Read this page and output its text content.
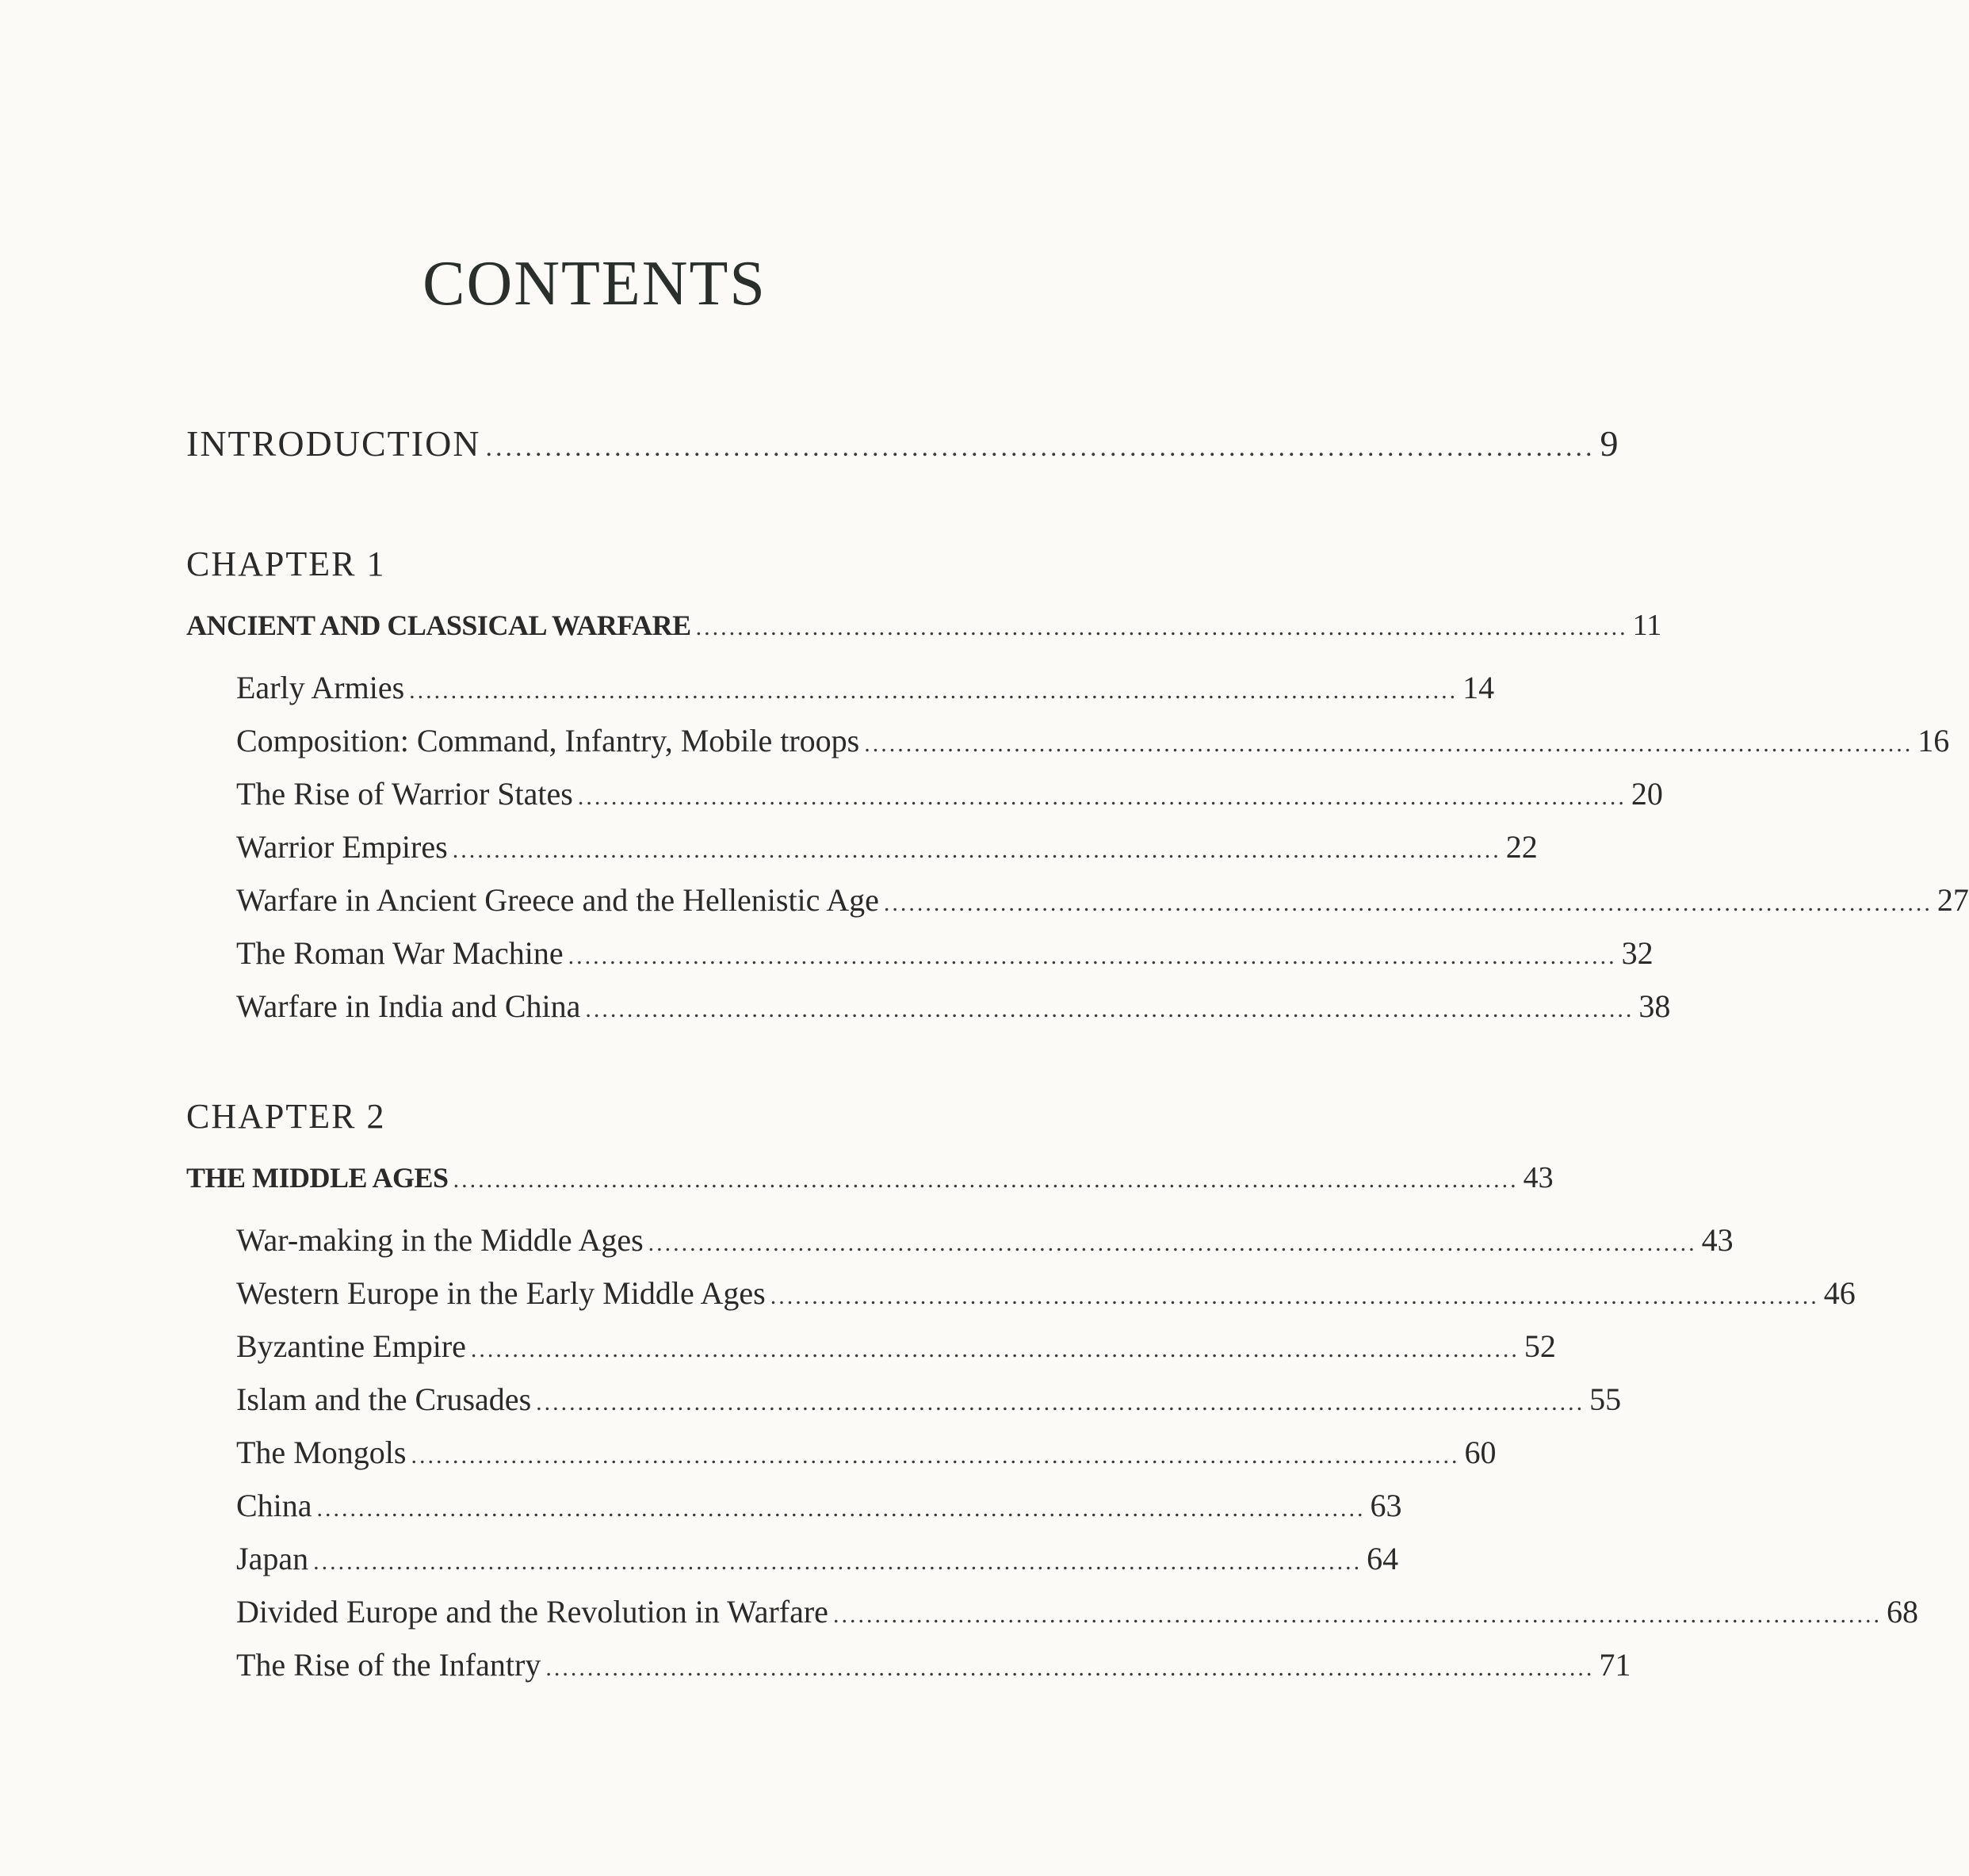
CONTENTS
INTRODUCTION ................................................................................................................ 9
CHAPTER 1
ANCIENT AND CLASSICAL WARFARE ................................................................................................................ 11
Early Armies .............................................................................................................................. 14
Composition: Command, Infantry, Mobile troops .............................................................................................................................. 16
The Rise of Warrior States .............................................................................................................................. 20
Warrior Empires .............................................................................................................................. 22
Warfare in Ancient Greece and the Hellenistic Age .............................................................................................................................. 27
The Roman War Machine .............................................................................................................................. 32
Warfare in India and China .............................................................................................................................. 38
CHAPTER 2
THE MIDDLE AGES ................................................................................................................................ 43
War-making in the Middle Ages .............................................................................................................................. 43
Western Europe in the Early Middle Ages .............................................................................................................................. 46
Byzantine Empire .............................................................................................................................. 52
Islam and the Crusades .............................................................................................................................. 55
The Mongols .............................................................................................................................. 60
China .............................................................................................................................. 63
Japan .............................................................................................................................. 64
Divided Europe and the Revolution in Warfare .............................................................................................................................. 68
The Rise of the Infantry .............................................................................................................................. 71
